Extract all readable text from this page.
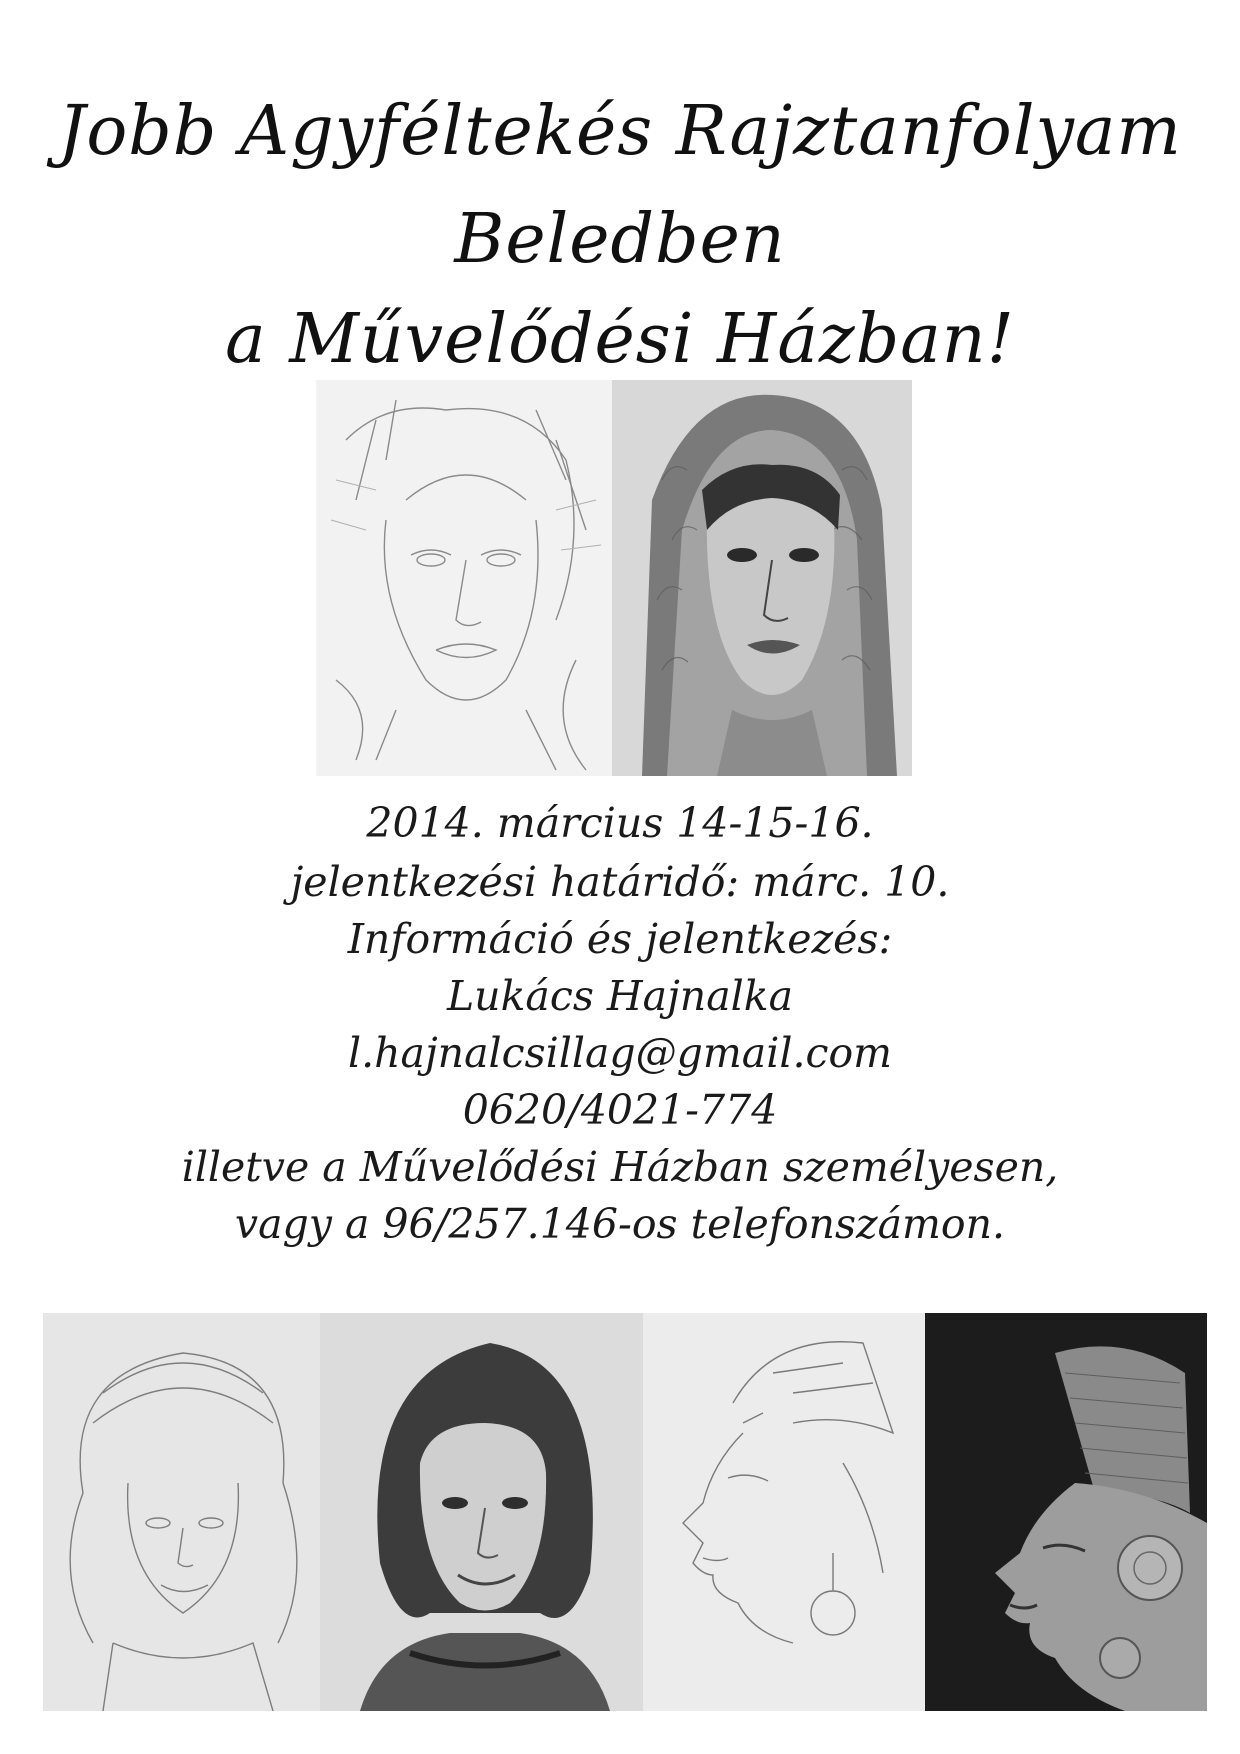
Jobb Agyféltekés Rajztanfolyam
Beledben
a Művelődési Házban!
2014. március 14-15-16.
jelentkezési határidő: márc. 10.
Információ és jelentkezés:
Lukács Hajnalka
l.hajnalcsillag@gmail.com
0620/4021-774
illetve a Művelődési Házban személyesen,
vagy a 96/257.146-os telefonszámon.
